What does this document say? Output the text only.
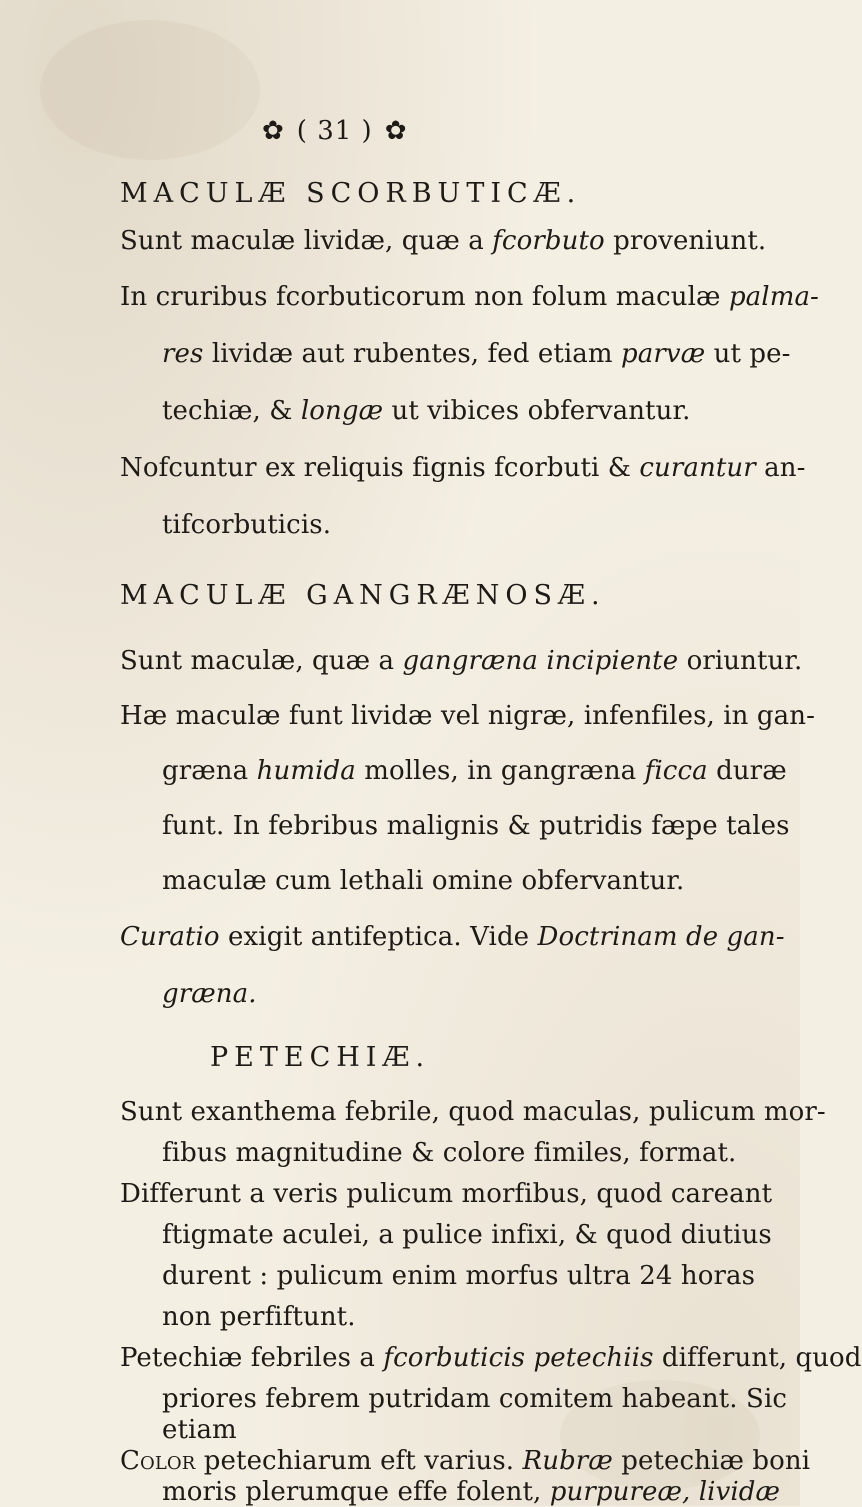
✿ ( 31 ) ✿
MACULÆ SCORBUTICÆ.
Sunt maculæ lividæ, quæ a fcorbuto proveniunt.
In cruribus fcorbuticorum non folum maculæ palma-
res lividæ aut rubentes, fed etiam parvæ ut pe-
techiæ, & longæ ut vibices obfervantur.
Nofcuntur ex reliquis fignis fcorbuti & curantur an-
tifcorbuticis.
MACULÆ GANGRÆNOSÆ.
Sunt maculæ, quæ a gangræna incipiente oriuntur.
Hæ maculæ funt lividæ vel nigræ, infenfiles, in gan-
græna humida molles, in gangræna ficca duræ
funt. In febribus malignis & putridis fæpe tales
maculæ cum lethali omine obfervantur.
Curatio exigit antifeptica. Vide Doctrinam de gan-
græna.
PETECHIÆ.
Sunt exanthema febrile, quod maculas, pulicum mor-
fibus magnitudine & colore fimiles, format.
Differunt a veris pulicum morfibus, quod careant
ftigmate aculei, a pulice infixi, & quod diutius
durent : pulicum enim morfus ultra 24 horas
non perfiftunt.
Petechiæ febriles a fcorbuticis petechiis differunt, quod
priores febrem putridam comitem habeant. Sic
etiam
Color petechiarum eft varius. Rubræ petechiæ boni
moris plerumque effe folent, purpureæ, lividæ
